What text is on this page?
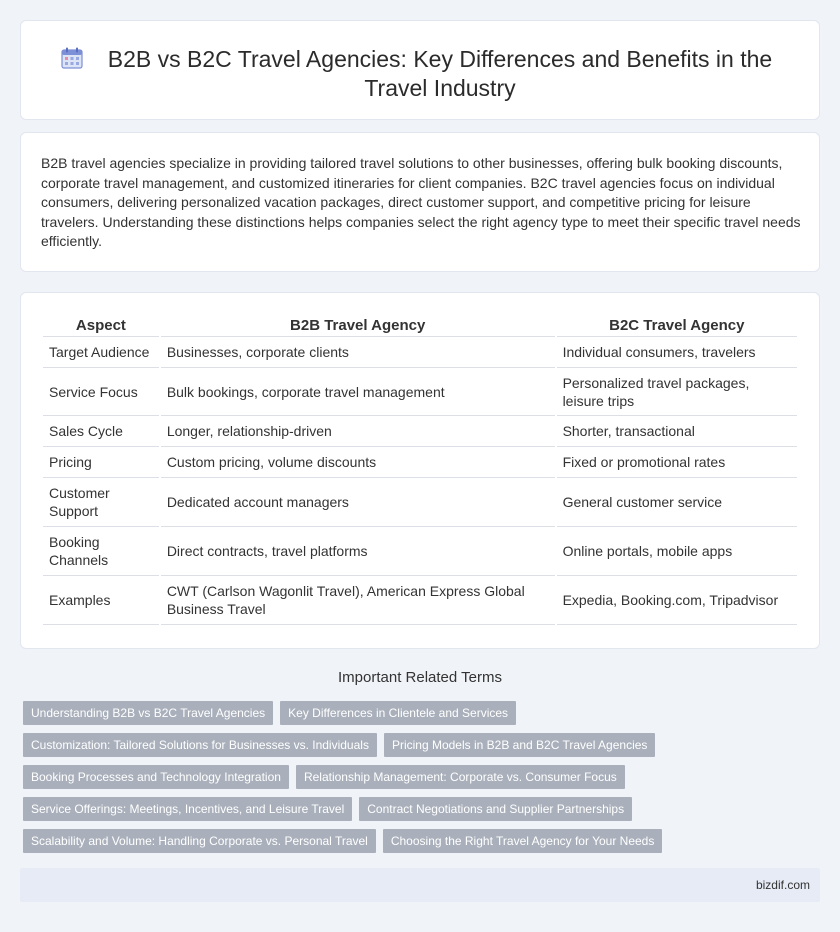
B2B vs B2C Travel Agencies: Key Differences and Benefits in the Travel Industry

B2B travel agencies specialize in providing tailored travel solutions to other businesses, offering bulk booking discounts, corporate travel management, and customized itineraries for client companies. B2C travel agencies focus on individual consumers, delivering personalized vacation packages, direct customer support, and competitive pricing for leisure travelers. Understanding these distinctions helps companies select the right agency type to meet their specific travel needs efficiently.

Aspect	B2B Travel Agency	B2C Travel Agency
Target Audience	Businesses, corporate clients	Individual consumers, travelers
Service Focus	Bulk bookings, corporate travel management	Personalized travel packages, leisure trips
Sales Cycle	Longer, relationship-driven	Shorter, transactional
Pricing	Custom pricing, volume discounts	Fixed or promotional rates
Customer Support	Dedicated account managers	General customer service
Booking Channels	Direct contracts, travel platforms	Online portals, mobile apps
Examples	CWT (Carlson Wagonlit Travel), American Express Global Business Travel	Expedia, Booking.com, Tripadvisor
Important Related Terms
Understanding B2B vs B2C Travel Agencies	Key Differences in Clientele and Services
Customization: Tailored Solutions for Businesses vs. Individuals	Pricing Models in B2B and B2C Travel Agencies
Booking Processes and Technology Integration	Relationship Management: Corporate vs. Consumer Focus
Service Offerings: Meetings, Incentives, and Leisure Travel	Contract Negotiations and Supplier Partnerships
Scalability and Volume: Handling Corporate vs. Personal Travel	Choosing the Right Travel Agency for Your Needs
bizdif.com
